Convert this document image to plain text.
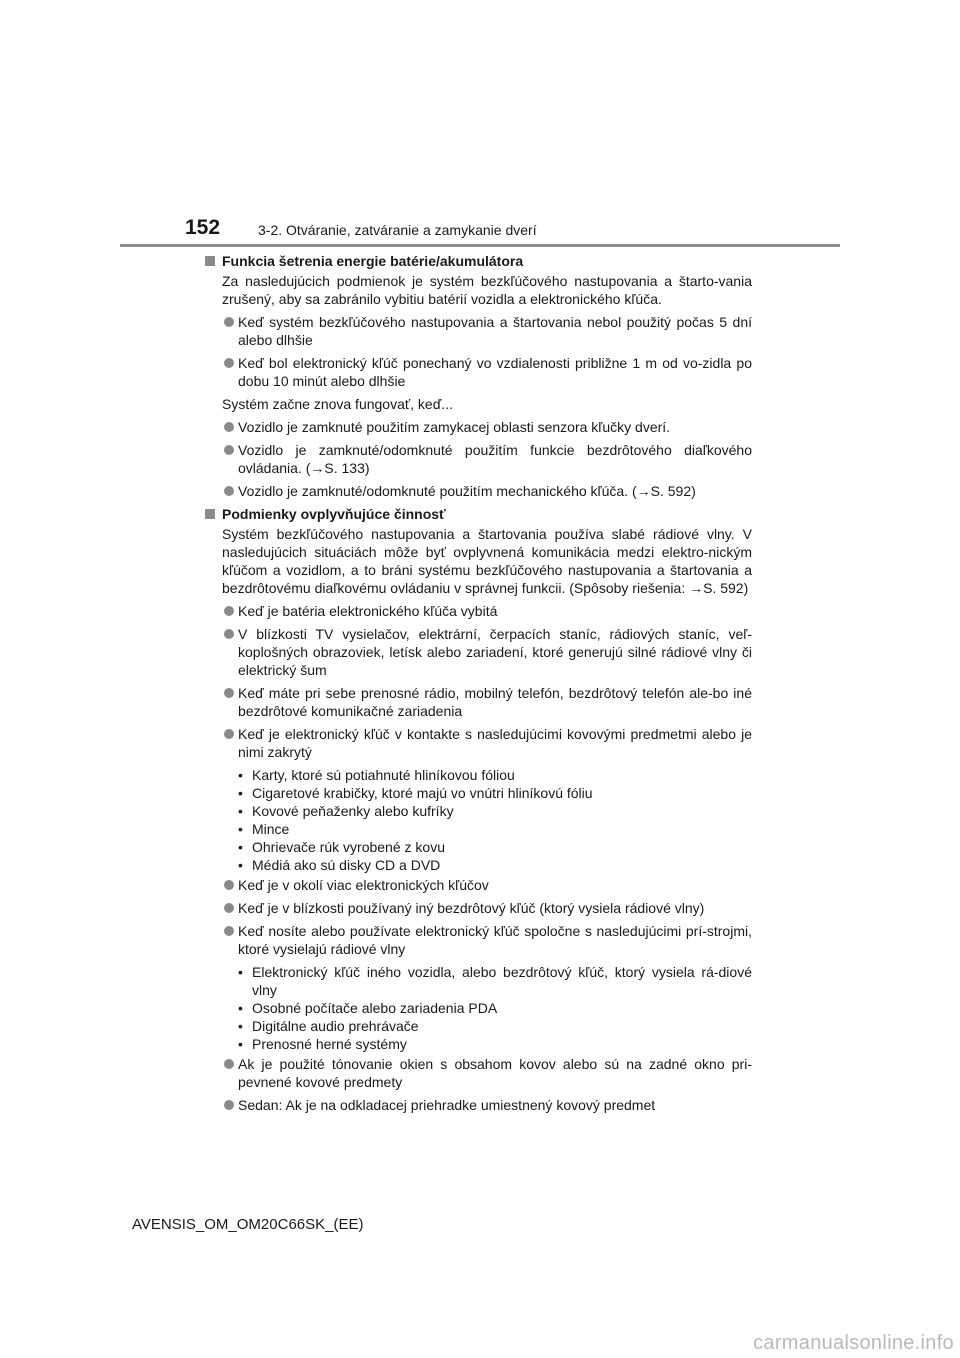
152	3-2. Otváranie, zatváranie a zamykanie dverí
Funkcia šetrenia energie batérie/akumulátora

Za nasledujúcich podmienok je systém bezkľúčového nastupovania a štarto-vania zrušený, aby sa zabránilo vybitiu batérií vozidla a elektronického kľúča.

Keď systém bezkľúčového nastupovania a štartovania nebol použitý počas 5 dní alebo dlhšie
Keď bol elektronický kľúč ponechaný vo vzdialenosti približne 1 m od vo-zidla po dobu 10 minút alebo dlhšie

Systém začne znova fungovať, keď...

Vozidlo je zamknuté použitím zamykacej oblasti senzora kľučky dverí.
Vozidlo je zamknuté/odomknuté použitím funkcie bezdrôtového diaľkového ovládania. (→S. 133)
Vozidlo je zamknuté/odomknuté použitím mechanického kľúča. (→S. 592)
Podmienky ovplyvňujúce činnosť

Systém bezkľúčového nastupovania a štartovania používa slabé rádiové vlny. V nasledujúcich situáciách môže byť ovplyvnená komunikácia medzi elektro-nickým kľúčom a vozidlom, a to bráni systému bezkľúčového nastupovania a štartovania a bezdrôtovému diaľkovému ovládaniu v správnej funkcii. (Spôsoby riešenia: →S. 592)

Keď je batéria elektronického kľúča vybitá
V blízkosti TV vysielačov, elektrární, čerpacích staníc, rádiových staníc, veľ-koplošných obrazoviek, letísk alebo zariadení, ktoré generujú silné rádiové vlny či elektrický šum
Keď máte pri sebe prenosné rádio, mobilný telefón, bezdrôtový telefón ale-bo iné bezdrôtové komunikačné zariadenia
Keď je elektronický kľúč v kontakte s nasledujúcimi kovovými predmetmi alebo je nimi zakrytý
• Karty, ktoré sú potiahnuté hliníkovou fóliou
• Cigaretové krabičky, ktoré majú vo vnútri hliníkovú fóliu
• Kovové peňaženky alebo kufríky
• Mince
• Ohrievače rúk vyrobené z kovu
• Médiá ako sú disky CD a DVD
Keď je v okolí viac elektronických kľúčov
Keď je v blízkosti používaný iný bezdrôtový kľúč (ktorý vysiela rádiové vlny)
Keď nosíte alebo používate elektronický kľúč spoločne s nasledujúcimi prí-strojmi, ktoré vysielajú rádiové vlny
• Elektronický kľúč iného vozidla, alebo bezdrôtový kľúč, ktorý vysiela rá-diové vlny
• Osobné počítače alebo zariadenia PDA
• Digitálne audio prehrávače
• Prenosné herné systémy
Ak je použité tónovanie okien s obsahom kovov alebo sú na zadné okno pri-pevnené kovové predmety
Sedan: Ak je na odkladacej priehradke umiestnený kovový predmet
AVENSIS_OM_OM20C66SK_(EE)
carmanualsonline.info
